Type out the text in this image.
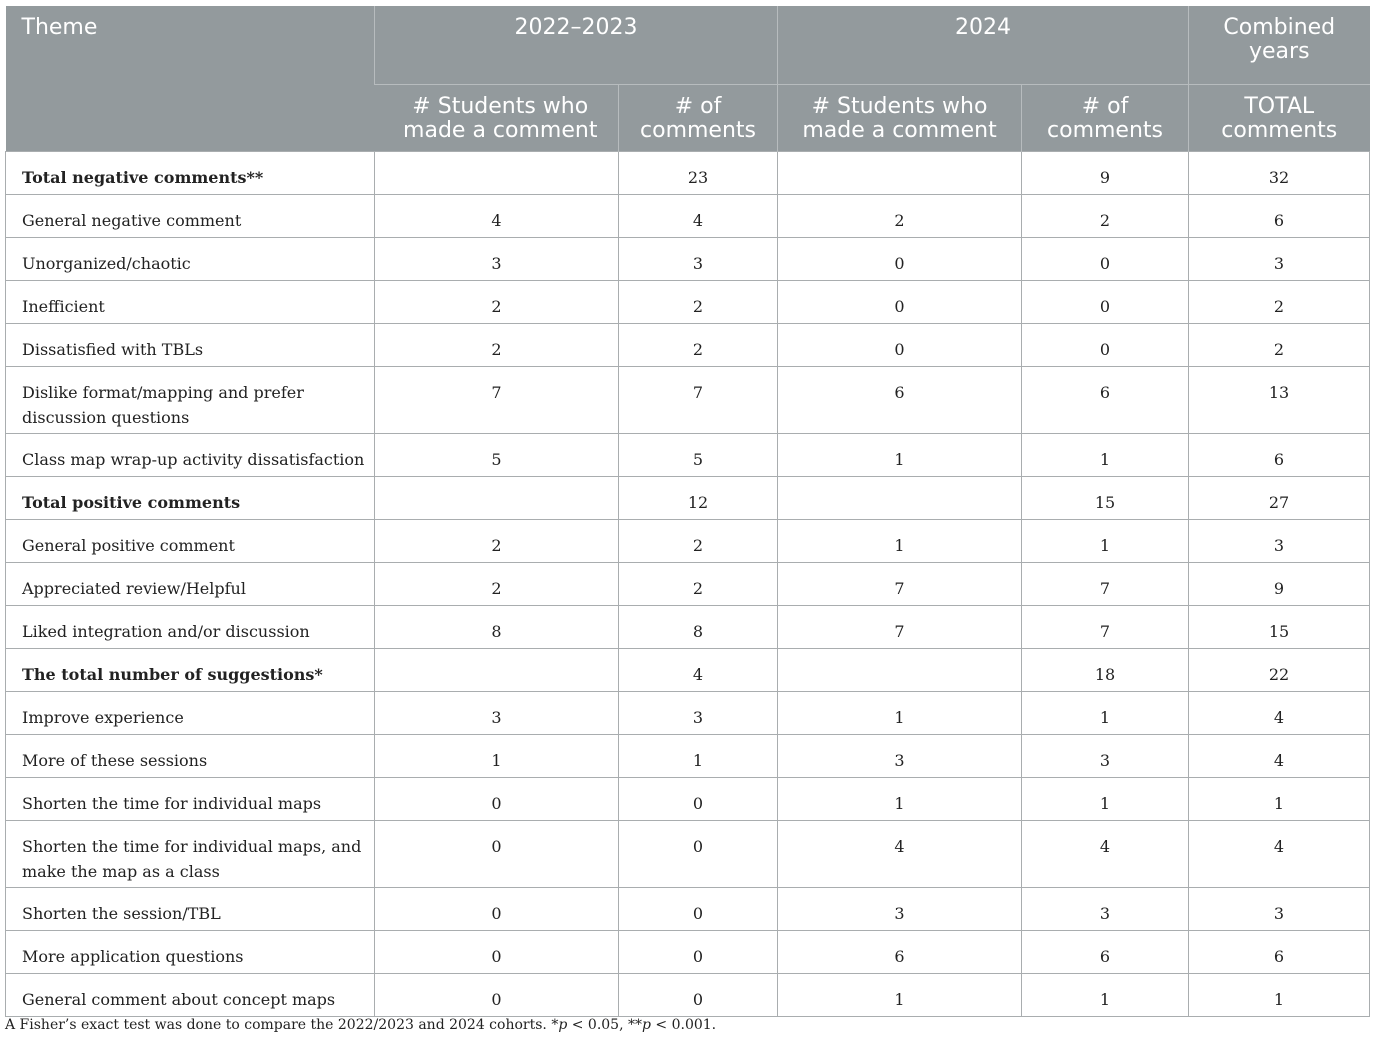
Theme	2022–2023		2024		Combined years
	# Students who made a comment	# of comments	# Students who made a comment	# of comments	TOTAL comments
Total negative comments**		23		9	32
General negative comment	4	4	2	2	6
Unorganized/chaotic	3	3	0	0	3
Inefficient	2	2	0	0	2
Dissatisfied with TBLs	2	2	0	0	2
Dislike format/mapping and prefer discussion questions	7	7	6	6	13
Class map wrap-up activity dissatisfaction	5	5	1	1	6
Total positive comments		12		15	27
General positive comment	2	2	1	1	3
Appreciated review/Helpful	2	2	7	7	9
Liked integration and/or discussion	8	8	7	7	15
The total number of suggestions*		4		18	22
Improve experience	3	3	1	1	4
More of these sessions	1	1	3	3	4
Shorten the time for individual maps	0	0	1	1	1
Shorten the time for individual maps, and make the map as a class	0	0	4	4	4
Shorten the session/TBL	0	0	3	3	3
More application questions	0	0	6	6	6
General comment about concept maps	0	0	1	1	1
A Fisher’s exact test was done to compare the 2022/2023 and 2024 cohorts. *p < 0.05, **p < 0.001.
